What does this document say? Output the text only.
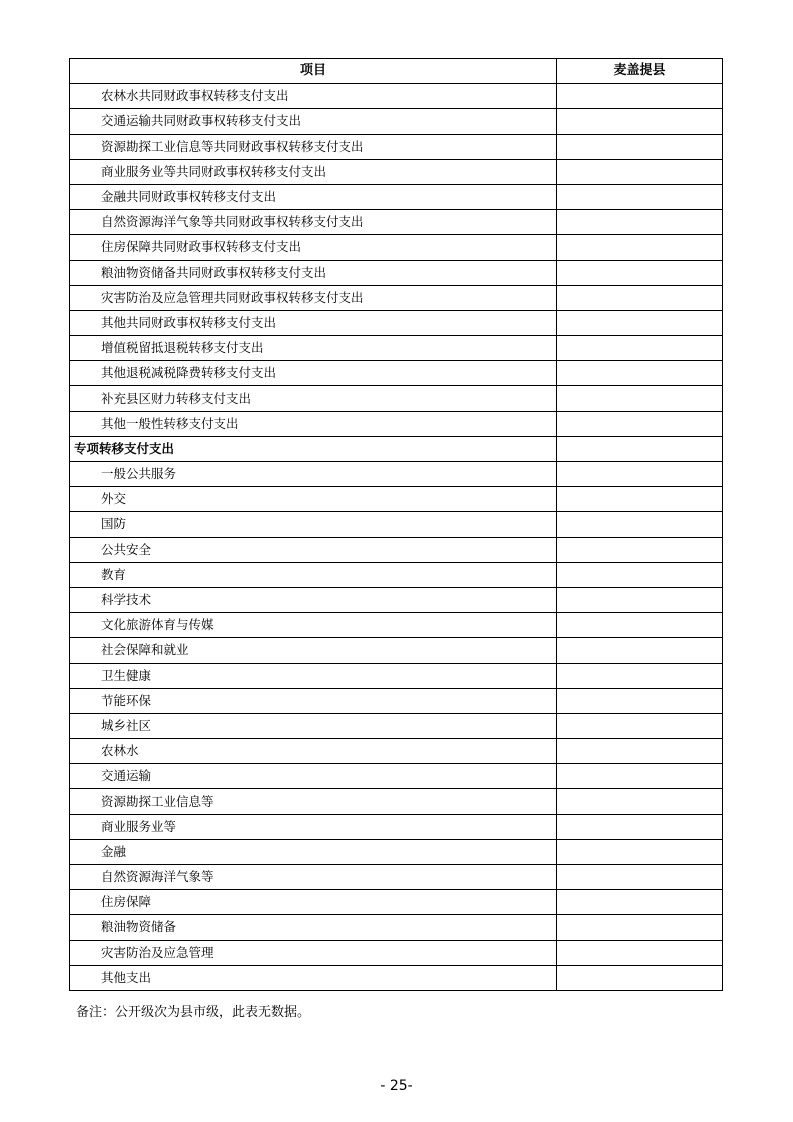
项目	麦盖提县
农林水共同财政事权转移支付支出	
交通运输共同财政事权转移支付支出	
资源勘探工业信息等共同财政事权转移支付支出	
商业服务业等共同财政事权转移支付支出	
金融共同财政事权转移支付支出	
自然资源海洋气象等共同财政事权转移支付支出	
住房保障共同财政事权转移支付支出	
粮油物资储备共同财政事权转移支付支出	
灾害防治及应急管理共同财政事权转移支付支出	
其他共同财政事权转移支付支出	
增值税留抵退税转移支付支出	
其他退税减税降费转移支付支出	
补充县区财力转移支付支出	
其他一般性转移支付支出	
专项转移支付支出	
一般公共服务	
外交	
国防	
公共安全	
教育	
科学技术	
文化旅游体育与传媒	
社会保障和就业	
卫生健康	
节能环保	
城乡社区	
农林水	
交通运输	
资源勘探工业信息等	
商业服务业等	
金融	
自然资源海洋气象等	
住房保障	
粮油物资储备	
灾害防治及应急管理	
其他支出	
备注：公开级次为县市级，此表无数据。
- 25-
